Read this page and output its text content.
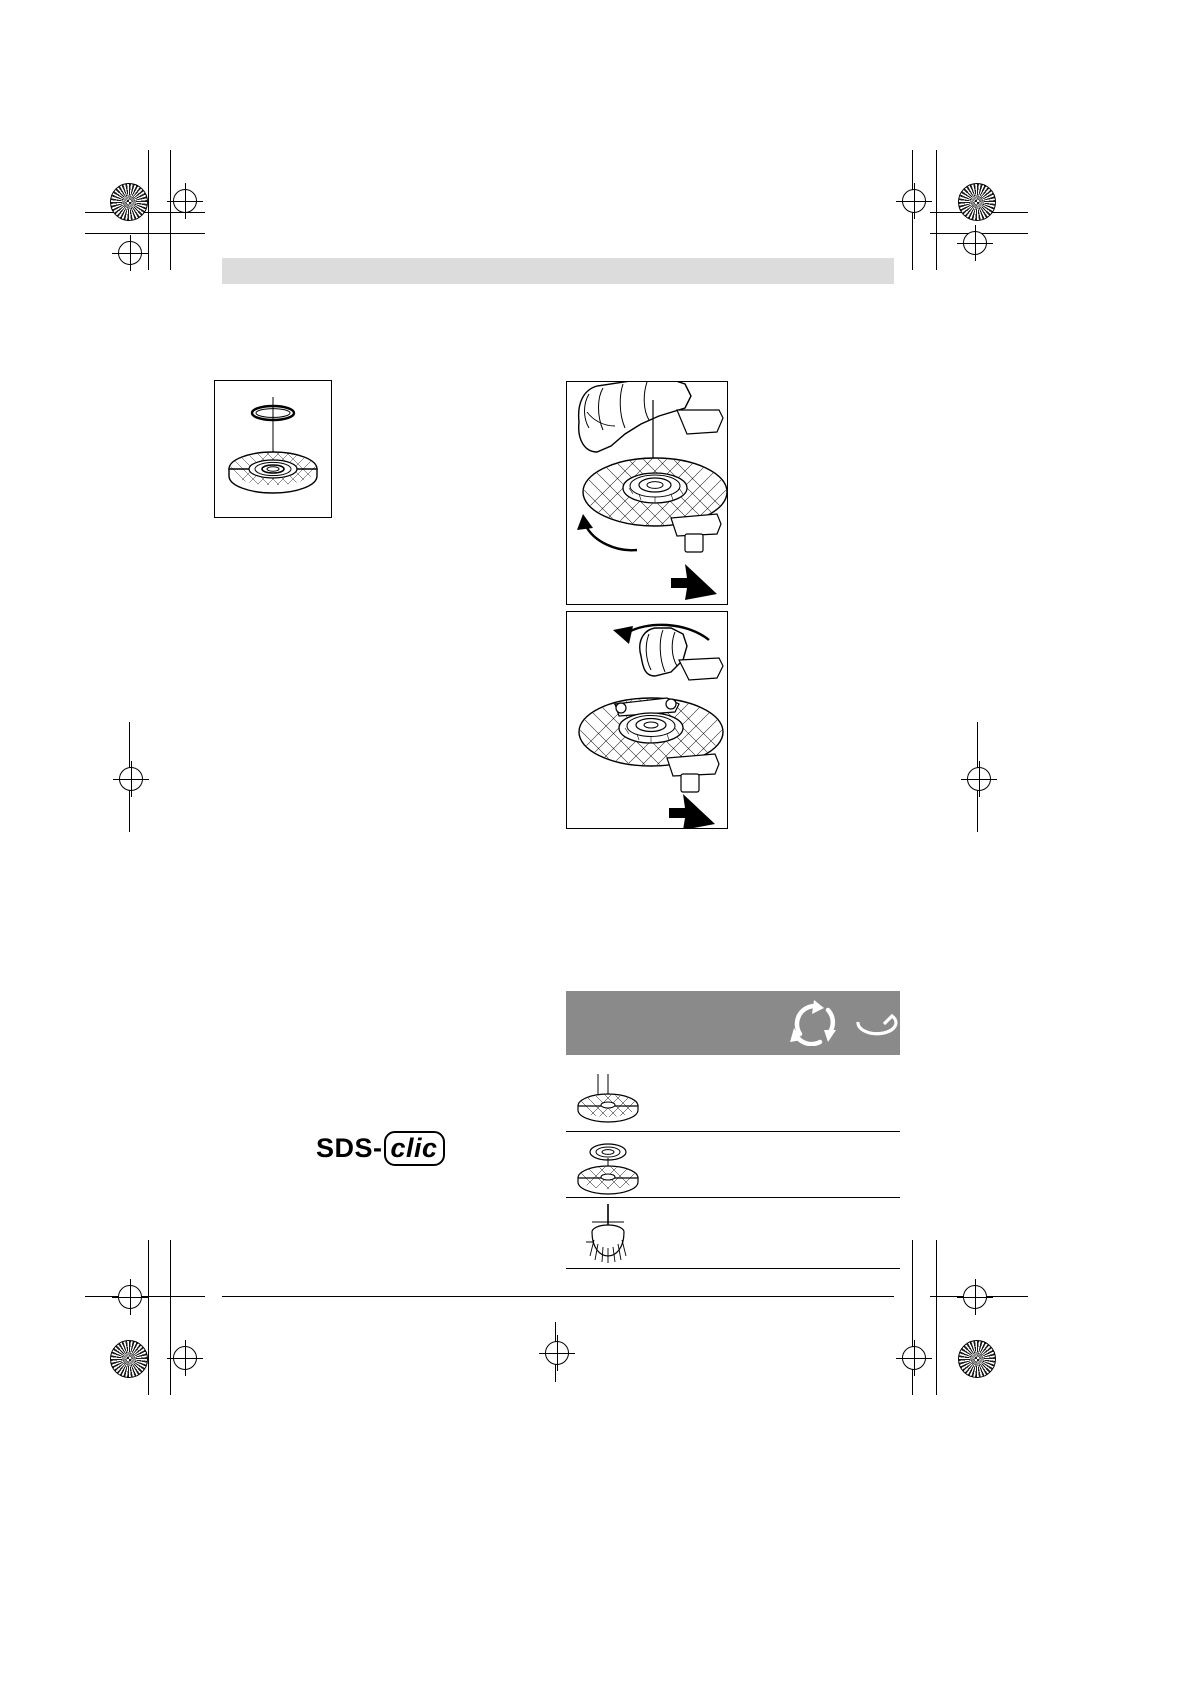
SDS- clic
